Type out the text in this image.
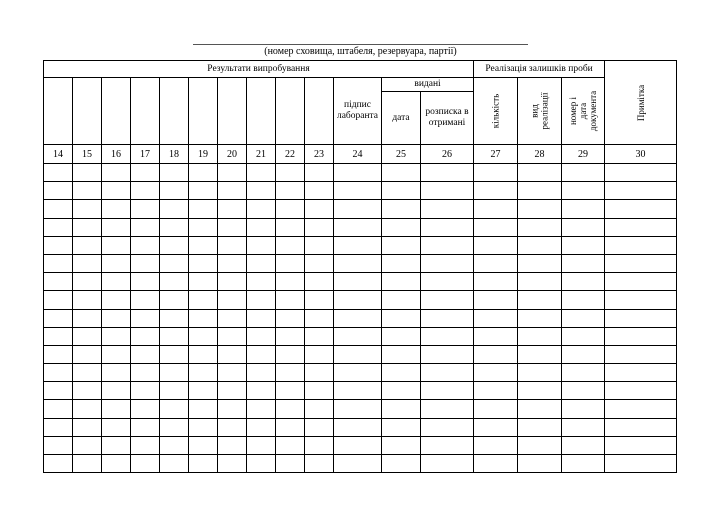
(номер сховища, штабеля, резервуара, партії)
Результати випробування													Реалізація залишків проби			Примітка

										підпис лаборанта	видані		кількість	вид реалізації	номер і дата документа	

											дата	розписка в отримані				
14	15	16	17	18	19	20	21	22	23	24	25	26	27	28	29	30
